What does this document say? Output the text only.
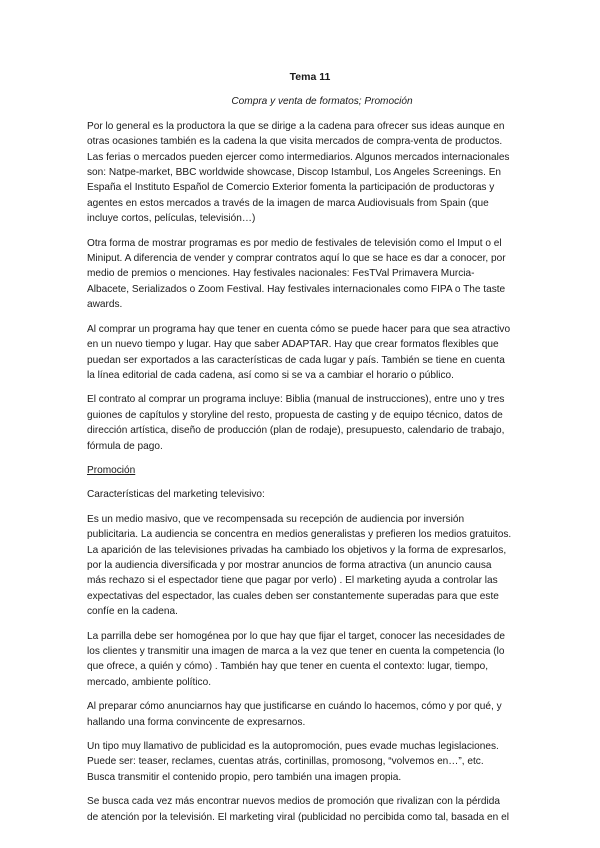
Tema 11
Compra y venta de formatos; Promoción

Por lo general es la productora la que se dirige a la cadena para ofrecer sus ideas aunque en otras ocasiones también es la cadena la que visita mercados de compra-venta de productos. Las ferias o mercados pueden ejercer como intermediarios. Algunos mercados internacionales son: Natpe-market, BBC worldwide showcase, Discop Istambul, Los Angeles Screenings. En España el Instituto Español de Comercio Exterior fomenta la participación de productoras y agentes en estos mercados a través de la imagen de marca Audiovisuals from Spain (que incluye cortos, películas, televisión…)

Otra forma de mostrar programas es por medio de festivales de televisión como el Imput o el Miniput. A diferencia de vender y comprar contratos aquí lo que se hace es dar a conocer, por medio de premios o menciones. Hay festivales nacionales: FesTVal Primavera Murcia-Albacete, Serializados o Zoom Festival. Hay festivales internacionales como FIPA o The taste awards.

Al comprar un programa hay que tener en cuenta cómo se puede hacer para que sea atractivo en un nuevo tiempo y lugar. Hay que saber ADAPTAR. Hay que crear formatos flexibles que puedan ser exportados a las características de cada lugar y país. También se tiene en cuenta la línea editorial de cada cadena, así como si se va a cambiar el horario o público.

El contrato al comprar un programa incluye: Biblia (manual de instrucciones), entre uno y tres guiones de capítulos y storyline del resto, propuesta de casting y de equipo técnico, datos de dirección artística, diseño de producción (plan de rodaje), presupuesto, calendario de trabajo, fórmula de pago.

Promoción

Características del marketing televisivo:

Es un medio masivo, que ve recompensada su recepción de audiencia por inversión publicitaria. La audiencia se concentra en medios generalistas y prefieren los medios gratuitos. La aparición de las televisiones privadas ha cambiado los objetivos y la forma de expresarlos, por la audiencia diversificada y por mostrar anuncios de forma atractiva (un anuncio causa más rechazo si el espectador tiene que pagar por verlo) . El marketing ayuda a controlar las expectativas del espectador, las cuales deben ser constantemente superadas para que este confíe en la cadena.

La parrilla debe ser homogénea por lo que hay que fijar el target, conocer las necesidades de los clientes y transmitir una imagen de marca a la vez que tener en cuenta la competencia (lo que ofrece, a quién y cómo) . También hay que tener en cuenta el contexto: lugar, tiempo, mercado, ambiente político.

Al preparar cómo anunciarnos hay que justificarse en cuándo lo hacemos, cómo y por qué, y hallando una forma convincente de expresarnos.

Un tipo muy llamativo de publicidad es la autopromoción, pues evade muchas legislaciones. Puede ser: teaser, reclames, cuentas atrás, cortinillas, promosong, “volvemos en…”, etc. Busca transmitir el contenido propio, pero también una imagen propia.

Se busca cada vez más encontrar nuevos medios de promoción que rivalizan con la pérdida de atención por la televisión. El marketing viral (publicidad no percibida como tal, basada en el
